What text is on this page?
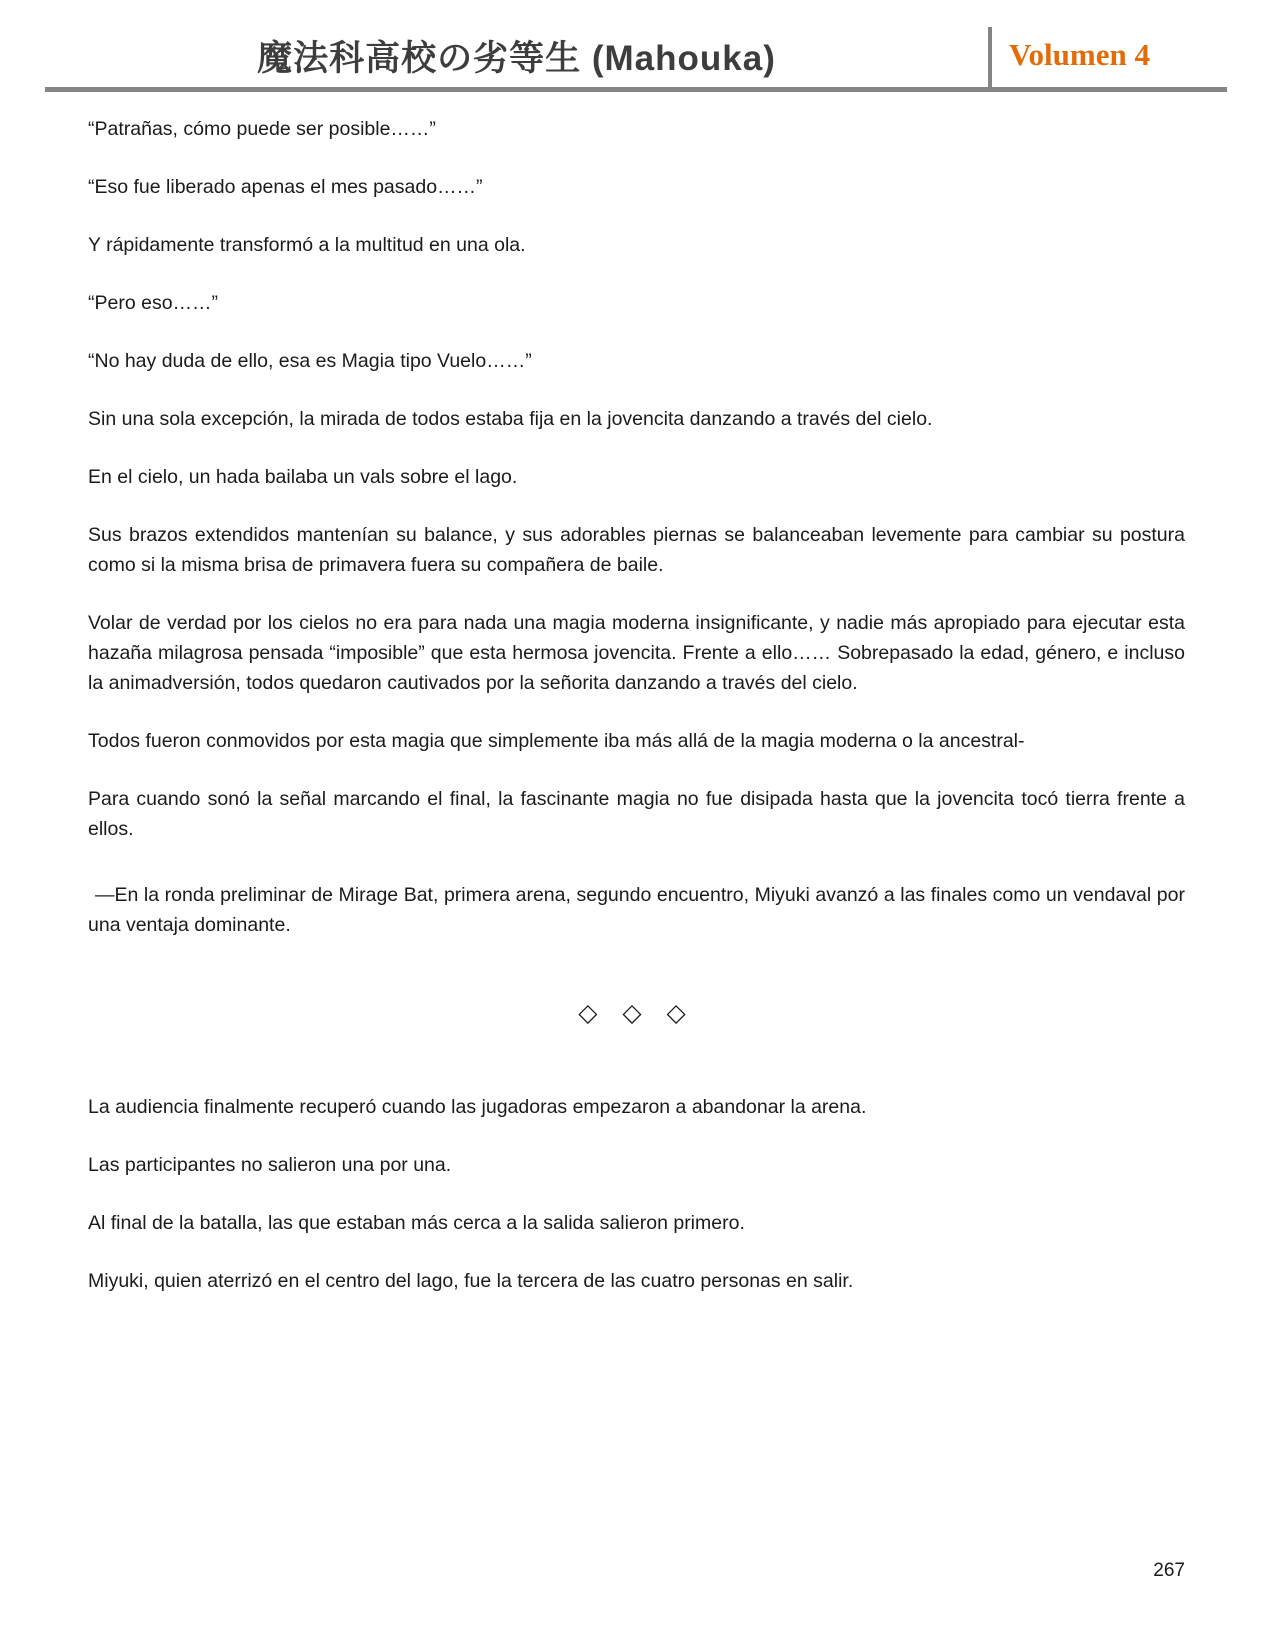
魔法科高校の劣等生 (Mahouka)	Volumen 4

“Patrañas, cómo puede ser posible……”

“Eso fue liberado apenas el mes pasado……”

Y rápidamente transformó a la multitud en una ola.

“Pero eso……”

“No hay duda de ello, esa es Magia tipo Vuelo……”

Sin una sola excepción, la mirada de todos estaba fija en la jovencita danzando a través del cielo.

En el cielo, un hada bailaba un vals sobre el lago.

Sus brazos extendidos mantenían su balance, y sus adorables piernas se balanceaban levemente para cambiar su postura como si la misma brisa de primavera fuera su compañera de baile.

Volar de verdad por los cielos no era para nada una magia moderna insignificante, y nadie más apropiado para ejecutar esta hazaña milagrosa pensada “imposible” que esta hermosa jovencita. Frente a ello…… Sobrepasado la edad, género, e incluso la animadversión, todos quedaron cautivados por la señorita danzando a través del cielo.

Todos fueron conmovidos por esta magia que simplemente iba más allá de la magia moderna o la ancestral-

Para cuando sonó la señal marcando el final, la fascinante magia no fue disipada hasta que la jovencita tocó tierra frente a ellos.

—En la ronda preliminar de Mirage Bat, primera arena, segundo encuentro, Miyuki avanzó a las finales como un vendaval por una ventaja dominante.

◇ ◇ ◇

La audiencia finalmente recuperó cuando las jugadoras empezaron a abandonar la arena.

Las participantes no salieron una por una.

Al final de la batalla, las que estaban más cerca a la salida salieron primero.

Miyuki, quien aterrizó en el centro del lago, fue la tercera de las cuatro personas en salir.

267
